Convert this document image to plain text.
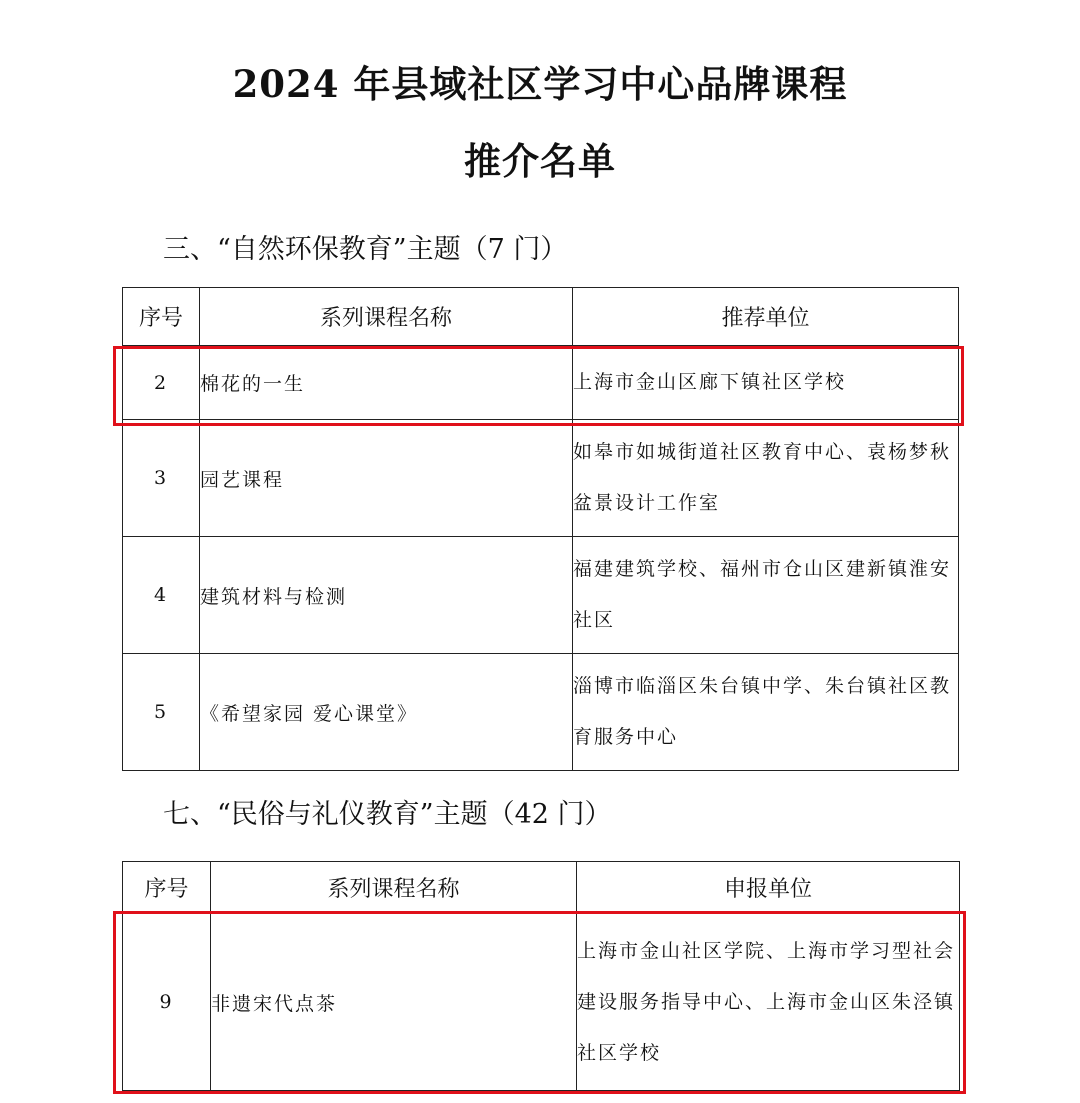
2024 年县域社区学习中心品牌课程
推介名单
三、“自然环保教育”主题（7 门）
序号	系列课程名称	推荐单位
2	棉花的一生	上海市金山区廊下镇社区学校
3	园艺课程	如皋市如城街道社区教育中心、袁杨梦秋盆景设计工作室
4	建筑材料与检测	福建建筑学校、福州市仓山区建新镇淮安社区
5	《希望家园 爱心课堂》	淄博市临淄区朱台镇中学、朱台镇社区教育服务中心
七、“民俗与礼仪教育”主题（42 门）
序号	系列课程名称	申报单位
9	非遗宋代点茶	上海市金山社区学院、上海市学习型社会建设服务指导中心、上海市金山区朱泾镇社区学校
